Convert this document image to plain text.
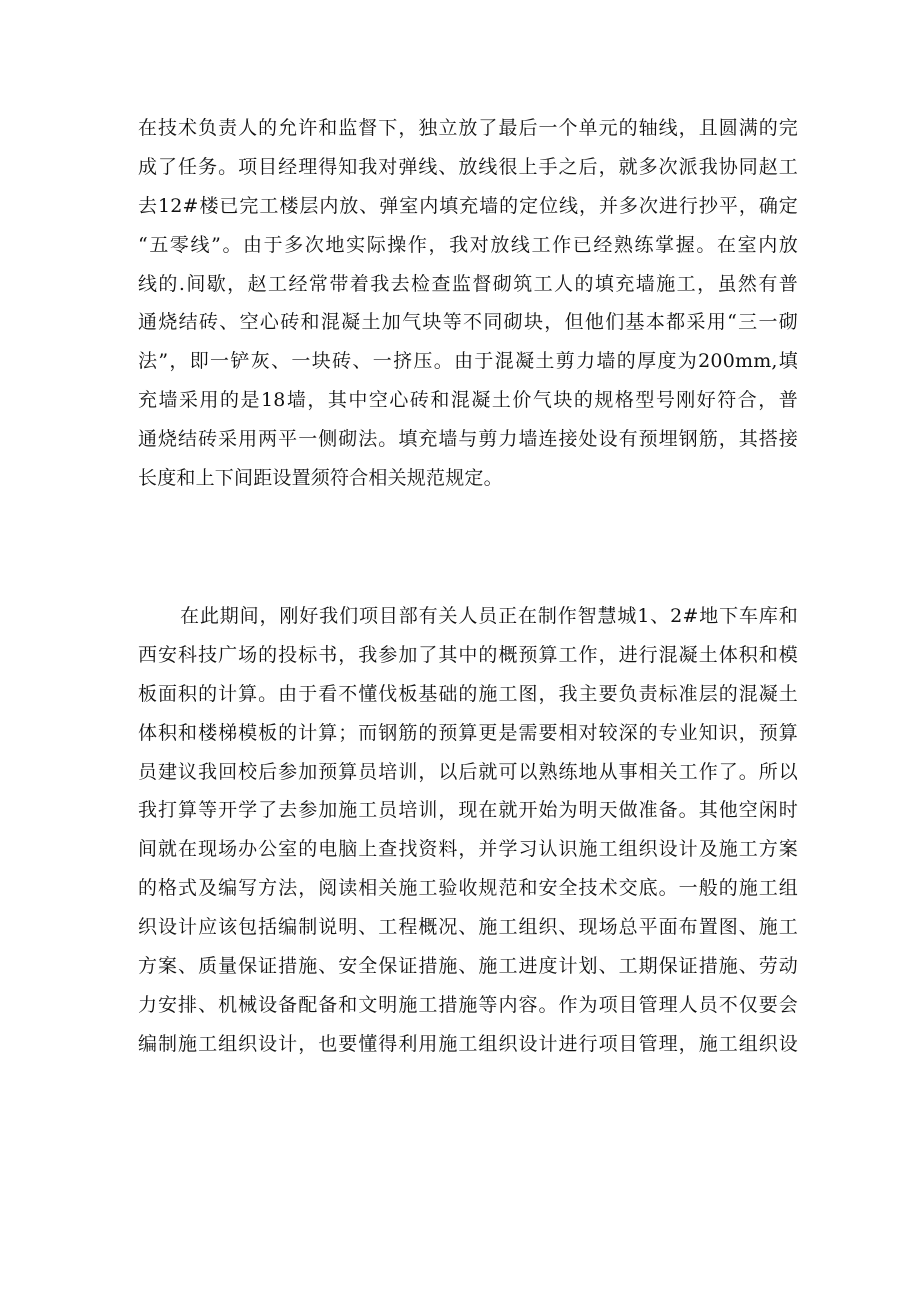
在技术负责人的允许和监督下，独立放了最后一个单元的轴线，且圆满的完
成了任务。项目经理得知我对弹线、放线很上手之后，就多次派我协同赵工
去12#楼已完工楼层内放、弹室内填充墙的定位线，并多次进行抄平，确定
“五零线”。由于多次地实际操作，我对放线工作已经熟练掌握。在室内放
线的.间歇，赵工经常带着我去检查监督砌筑工人的填充墙施工，虽然有普
通烧结砖、空心砖和混凝土加气块等不同砌块，但他们基本都采用“三一砌
法”，即一铲灰、一块砖、一挤压。由于混凝土剪力墙的厚度为200mm,填
充墙采用的是18墙，其中空心砖和混凝土价气块的规格型号刚好符合，普
通烧结砖采用两平一侧砌法。填充墙与剪力墙连接处设有预埋钢筋，其搭接
长度和上下间距设置须符合相关规范规定。
在此期间，刚好我们项目部有关人员正在制作智慧城1、2#地下车库和
西安科技广场的投标书，我参加了其中的概预算工作，进行混凝土体积和模
板面积的计算。由于看不懂伐板基础的施工图，我主要负责标准层的混凝土
体积和楼梯模板的计算；而钢筋的预算更是需要相对较深的专业知识，预算
员建议我回校后参加预算员培训，以后就可以熟练地从事相关工作了。所以
我打算等开学了去参加施工员培训，现在就开始为明天做准备。其他空闲时
间就在现场办公室的电脑上查找资料，并学习认识施工组织设计及施工方案
的格式及编写方法，阅读相关施工验收规范和安全技术交底。一般的施工组
织设计应该包括编制说明、工程概况、施工组织、现场总平面布置图、施工
方案、质量保证措施、安全保证措施、施工进度计划、工期保证措施、劳动
力安排、机械设备配备和文明施工措施等内容。作为项目管理人员不仅要会
编制施工组织设计，也要懂得利用施工组织设计进行项目管理，施工组织设
